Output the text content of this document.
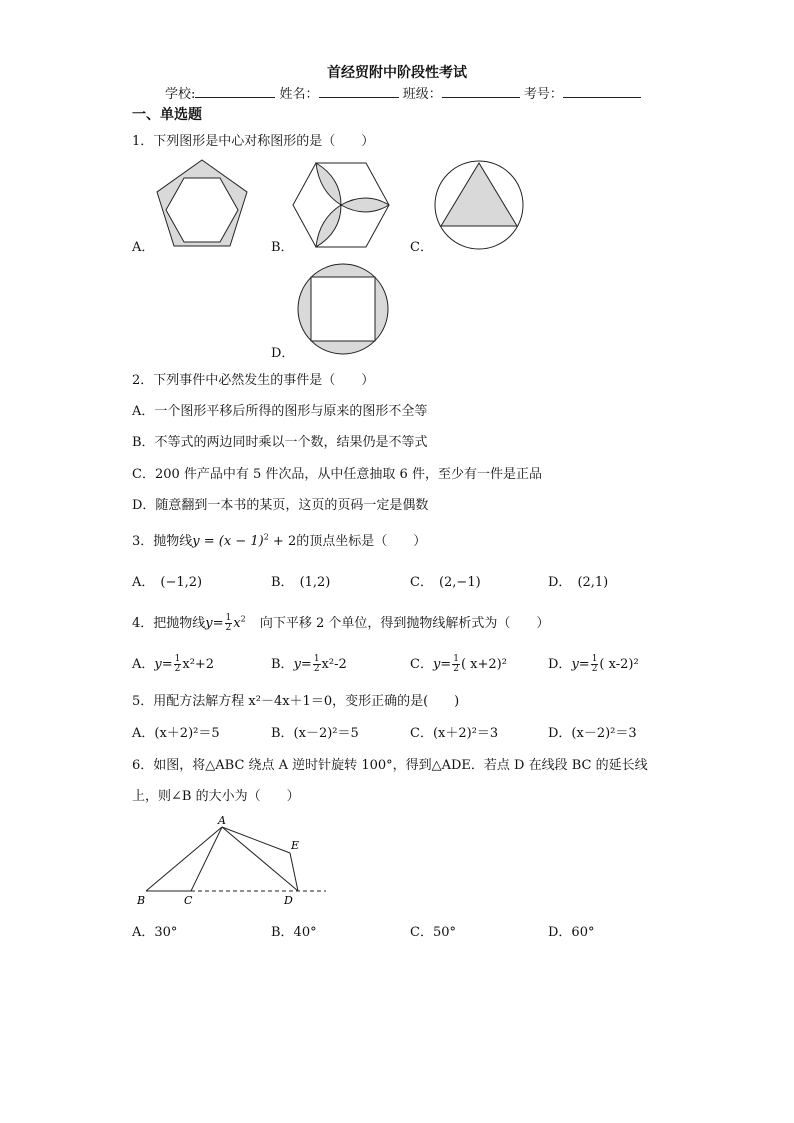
首经贸附中阶段性考试
学校:	姓名：	班级：	考号：
一、单选题
1．下列图形是中心对称图形的是（　　）
A．	B．	C．
D．
2．下列事件中必然发生的事件是（　　）
A．一个图形平移后所得的图形与原来的图形不全等
B．不等式的两边同时乘以一个数，结果仍是不等式
C．200 件产品中有 5 件次品，从中任意抽取 6 件，至少有一件是正品
D．随意翻到一本书的某页，这页的页码一定是偶数
3．抛物线$y = (x - 1)^2 + 2$的顶点坐标是（　　）
A． (−1,2)	B． (1,2)	C． (2,−1)	D． (2,1)
4．把抛物线$y= \frac{1}{2} x^2$ 向下平移 2 个单位，得到抛物线解析式为（　　）
A．$y= \frac{1}{2} x^2+2$	B．$y= \frac{1}{2} x^2-2$	C．$y= \frac{1}{2}$ ( x+2)²	D．$y= \frac{1}{2}$ ( x-2)²
5．用配方法解方程 x²－4x＋1＝0，变形正确的是(　　)
A．(x＋2)²＝5	B．(x－2)²＝5	C．(x＋2)²＝3	D．(x－2)²＝3
6．如图，将△ABC 绕点 A 逆时针旋转 100°，得到△ADE．若点 D 在线段 BC 的延长线
上，则∠B 的大小为（　　）
A
B	C	D
E
A．30°	B．40°	C．50°	D．60°
